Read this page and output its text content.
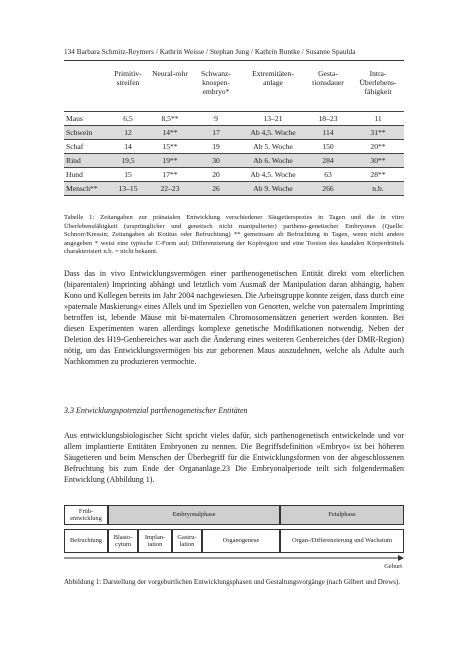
134 Barbara Schmitz-Reymers / Kathrin Weisse / Stephan Jung / Kathrin Runtke / Susanne Spaulda
	Primitiv-streifen	Neural-rohr	Schwanz-knospen-embryo*	Extremitäten-anlage	Gesta-tionsdauer	Intra-Überlebens-fähigkeit
Maus	6,5	8,5**	9	13–21	18–23	11
Schwein	12	14**	17	Ab 4,5. Woche	114	31**
Schaf	14	15**	19	Ab 5. Woche	150	20**
Rind	19,5	19**	30	Ab 6. Woche	284	30**
Hund	15	17**	20	Ab 4,5. Woche	63	28**
Mensch**	13–15	22–23	26	Ab 9. Woche	266	n.b.
Tabelle 1: Zeitangaben zur pränatalen Entwicklung verschiedener Säugetierspezies in Tagen und die in vitro Überlebensfähigkeit (ursprünglicher und genetisch nicht manipulierter) partheno-genetischer Embryonen (Quelle: Schnorr/Kressin; Zeitangaben ab Kotitus oder Befruchtung) ** gemeinsam ab Befruchtung in Tagen, wenn nicht anders angegeben * weist eine typische C-Form auf; Differenzierung der Kopfregion und eine Torsion des kaudalen Körperdrittels charakterisiert n.b. = nicht bekannt.
Dass das in vivo Entwicklungsvermögen einer parthenogenetischen Entität direkt vom elterlichen (biparentalen) Imprinting abhängt und letztlich vom Ausmaß der Manipulation daran abhängig, haben Kono und Kollegen bereits im Jahr 2004 nachgewiesen. Die Arbeitsgruppe konnte zeigen, dass durch eine »paternale Maskierung« eines Allels und im Speziellen von Genorten, welche von paternalem Imprinting betroffen ist, lebende Mäuse mit bi-maternalen Chromosomensätzen generiert werden konnten. Bei diesen Experimenten waren allerdings komplexe genetische Modifikationen notwendig. Neben der Deletion des H19-Genbereiches war auch die Änderung eines weiteren Genbereiches (der DMR-Region) nötig, um das Entwicklungsvermögen bis zur geborenen Maus auszudehnen, welche als Adulte auch Nachkommen zu produzieren vermochte.
3.3 Entwicklungspotenzial parthenogenetischer Entitäten
Aus entwicklungsbiologischer Sicht spricht vieles dafür, sich parthenogenetisch entwickelnde und vor allem implantierte Entitäten Embryonen zu nennen. Die Begriffsdefinition »Embryo« ist bei höheren Säugetieren und beim Menschen der Überbegriff für die Entwicklungsformen von der abgeschlossenen Befruchtung bis zum Ende der Organanlage.23 Die Embryonalperiode teilt sich folgendermaßen Entwicklung (Abbildung 1).
Früh-entwicklung
Embryonalphase	Fetalphase
Befruchtung
Blasto-cytum
Implan-tation
Gastru-lation
Organogenese	Organ-/Differenzierung und Wachstum
Geburt
Abbildung 1: Darstellung der vorgeburtlichen Entwicklungsphasen und Gestaltungsvorgänge (nach Gilbert und Drews).
